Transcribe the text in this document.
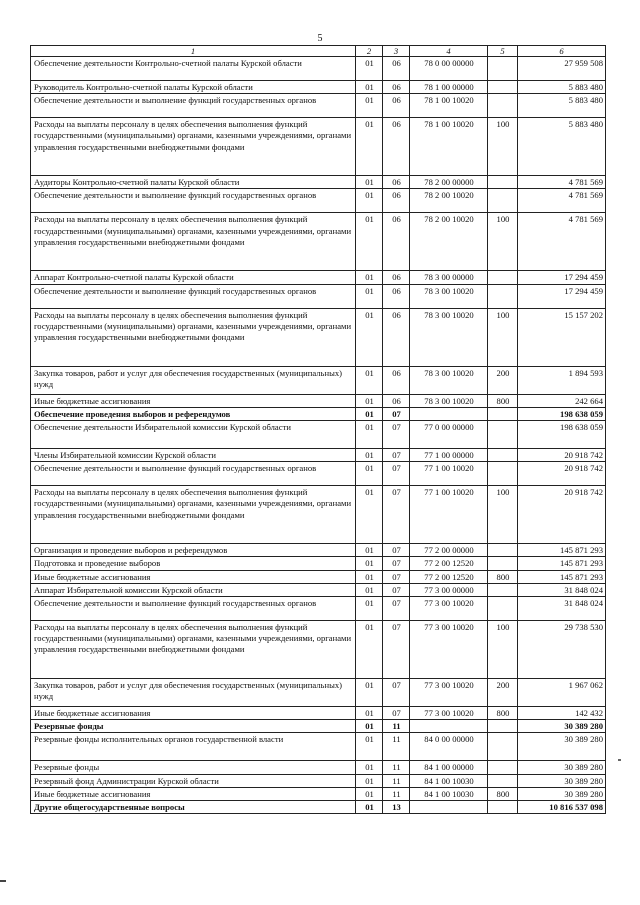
5
1	2	3	4	5	6
Обеспечение деятельности Контрольно-счетной палаты Курской области	01	06	78 0 00 00000		27 959 508
Руководитель Контрольно-счетной палаты Курской области	01	06	78 1 00 00000		5 883 480
Обеспечение деятельности и выполнение функций государственных органов	01	06	78 1 00 10020		5 883 480
Расходы на выплаты персоналу в целях обеспечения выполнения функций государственными (муниципальными) органами, казенными учреждениями, органами управления государственными внебюджетными фондами	01	06	78 1 00 10020	100	5 883 480
Аудиторы Контрольно-счетной палаты Курской области	01	06	78 2 00 00000		4 781 569
Обеспечение деятельности и выполнение функций государственных органов	01	06	78 2 00 10020		4 781 569
Расходы на выплаты персоналу в целях обеспечения выполнения функций государственными (муниципальными) органами, казенными учреждениями, органами управления государственными внебюджетными фондами	01	06	78 2 00 10020	100	4 781 569
Аппарат Контрольно-счетной палаты Курской области	01	06	78 3 00 00000		17 294 459
Обеспечение деятельности и выполнение функций государственных органов	01	06	78 3 00 10020		17 294 459
Расходы на выплаты персоналу в целях обеспечения выполнения функций государственными (муниципальными) органами, казенными учреждениями, органами управления государственными внебюджетными фондами	01	06	78 3 00 10020	100	15 157 202
Закупка товаров, работ и услуг для обеспечения государственных (муниципальных) нужд	01	06	78 3 00 10020	200	1 894 593
Иные бюджетные ассигнования	01	06	78 3 00 10020	800	242 664
Обеспечение проведения выборов и референдумов	01	07			198 638 059
Обеспечение деятельности Избирательной комиссии Курской области	01	07	77 0 00 00000		198 638 059
Члены Избирательной комиссии Курской области	01	07	77 1 00 00000		20 918 742
Обеспечение деятельности и выполнение функций государственных органов	01	07	77 1 00 10020		20 918 742
Расходы на выплаты персоналу в целях обеспечения выполнения функций государственными (муниципальными) органами, казенными учреждениями, органами управления государственными внебюджетными фондами	01	07	77 1 00 10020	100	20 918 742
Организация и проведение выборов и референдумов	01	07	77 2 00 00000		145 871 293
Подготовка и проведение выборов	01	07	77 2 00 12520		145 871 293
Иные бюджетные ассигнования	01	07	77 2 00 12520	800	145 871 293
Аппарат Избирательной комиссии Курской области	01	07	77 3 00 00000		31 848 024
Обеспечение деятельности и выполнение функций государственных органов	01	07	77 3 00 10020		31 848 024
Расходы на выплаты персоналу в целях обеспечения выполнения функций государственными (муниципальными) органами, казенными учреждениями, органами управления государственными внебюджетными фондами	01	07	77 3 00 10020	100	29 738 530
Закупка товаров, работ и услуг для обеспечения государственных (муниципальных) нужд	01	07	77 3 00 10020	200	1 967 062
Иные бюджетные ассигнования	01	07	77 3 00 10020	800	142 432
Резервные фонды	01	11			30 389 280
Резервные фонды исполнительных органов государственной власти	01	11	84 0 00 00000		30 389 280
Резервные фонды	01	11	84 1 00 00000		30 389 280
Резервный фонд Администрации Курской области	01	11	84 1 00 10030		30 389 280
Иные бюджетные ассигнования	01	11	84 1 00 10030	800	30 389 280
Другие общегосударственные вопросы	01	13			10 816 537 098
